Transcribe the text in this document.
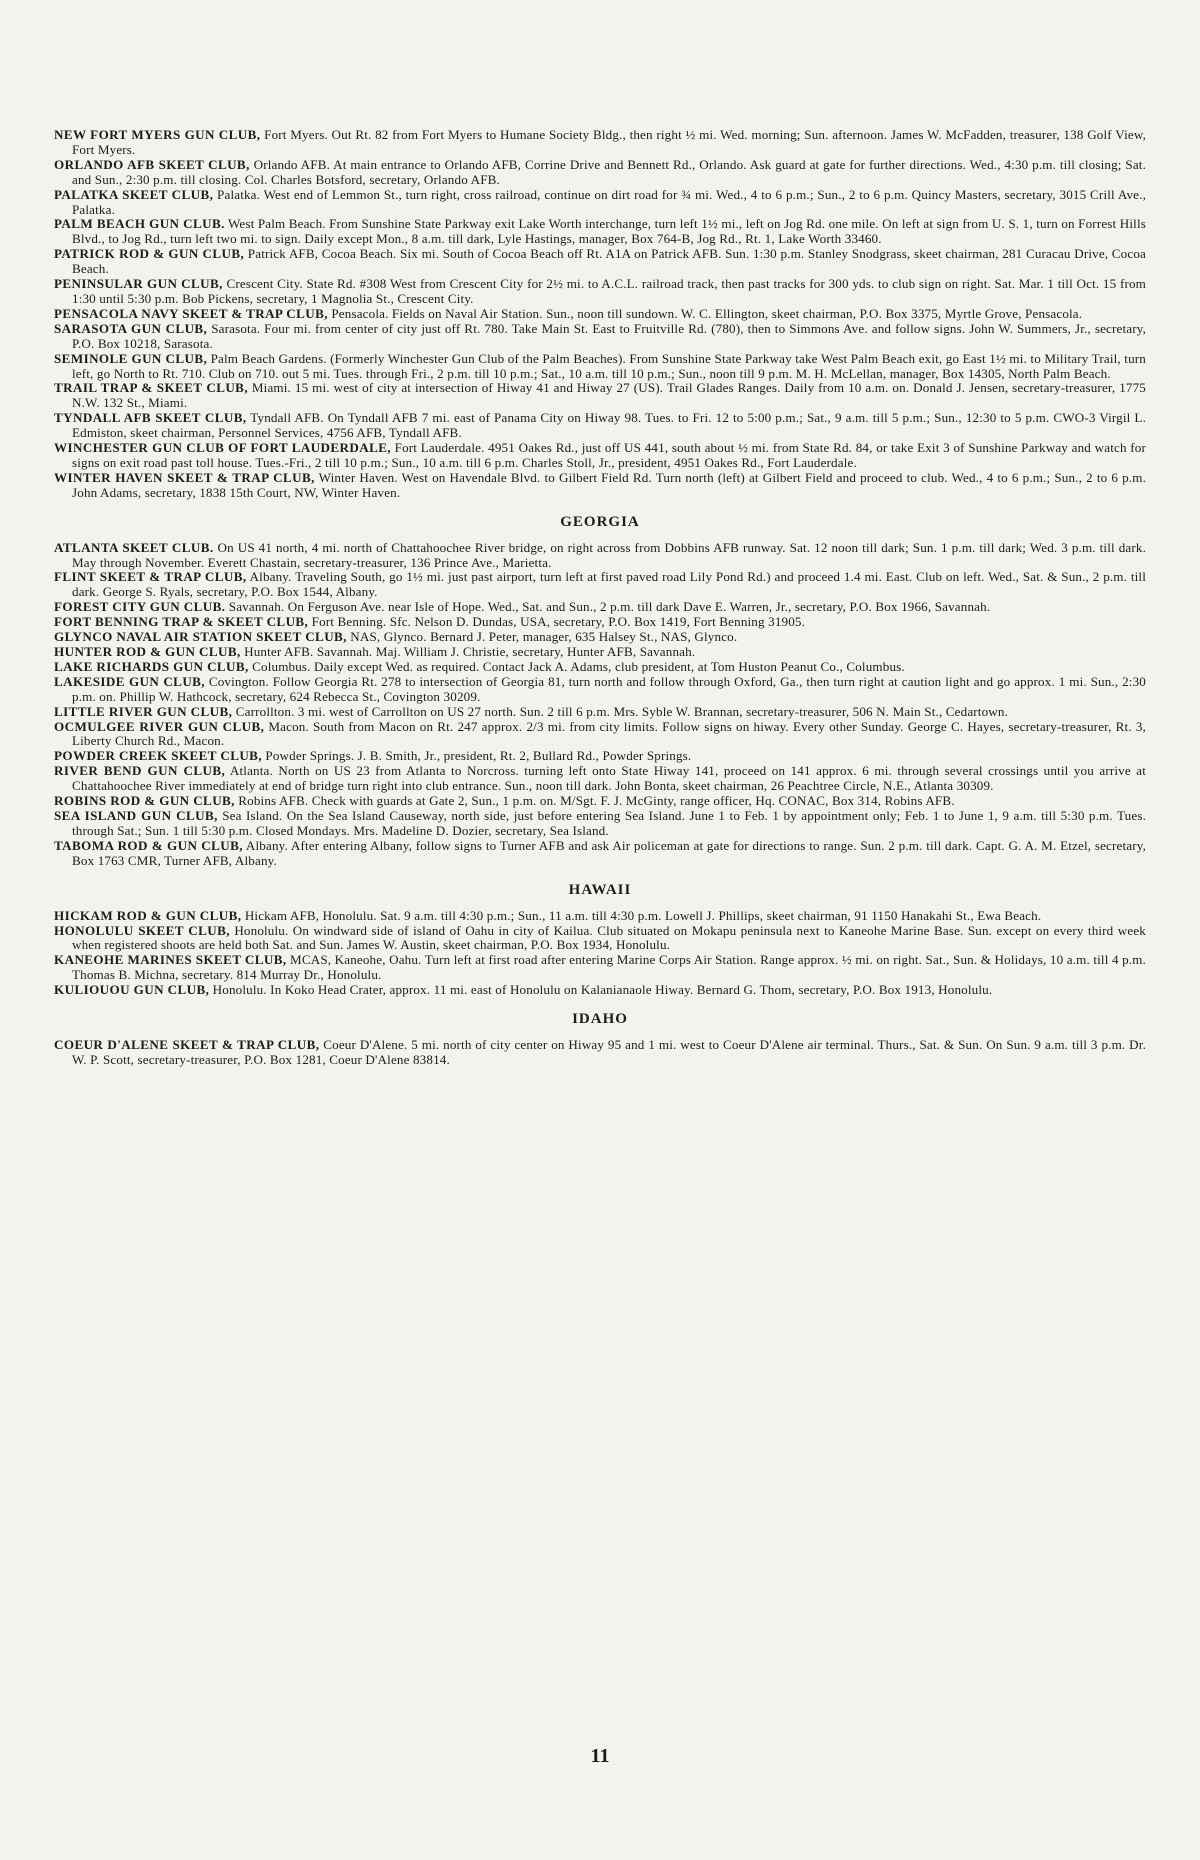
NEW FORT MYERS GUN CLUB, Fort Myers. Out Rt. 82 from Fort Myers to Humane Society Bldg., then right ½ mi. Wed. morning; Sun. afternoon. James W. McFadden, treasurer, 138 Golf View, Fort Myers.

ORLANDO AFB SKEET CLUB, Orlando AFB. At main entrance to Orlando AFB, Corrine Drive and Bennett Rd., Orlando. Ask guard at gate for further directions. Wed., 4:30 p.m. till closing; Sat. and Sun., 2:30 p.m. till closing. Col. Charles Botsford, secretary, Orlando AFB.

PALATKA SKEET CLUB, Palatka. West end of Lemmon St., turn right, cross railroad, continue on dirt road for ¾ mi. Wed., 4 to 6 p.m.; Sun., 2 to 6 p.m. Quincy Masters, secretary, 3015 Crill Ave., Palatka.

PALM BEACH GUN CLUB. West Palm Beach. From Sunshine State Parkway exit Lake Worth interchange, turn left 1½ mi., left on Jog Rd. one mile. On left at sign from U. S. 1, turn on Forrest Hills Blvd., to Jog Rd., turn left two mi. to sign. Daily except Mon., 8 a.m. till dark, Lyle Hastings, manager, Box 764-B, Jog Rd., Rt. 1, Lake Worth 33460.

PATRICK ROD & GUN CLUB, Patrick AFB, Cocoa Beach. Six mi. South of Cocoa Beach off Rt. A1A on Patrick AFB. Sun. 1:30 p.m. Stanley Snodgrass, skeet chairman, 281 Curacau Drive, Cocoa Beach.

PENINSULAR GUN CLUB, Crescent City. State Rd. #308 West from Crescent City for 2½ mi. to A.C.L. railroad track, then past tracks for 300 yds. to club sign on right. Sat. Mar. 1 till Oct. 15 from 1:30 until 5:30 p.m. Bob Pickens, secretary, 1 Magnolia St., Crescent City.

PENSACOLA NAVY SKEET & TRAP CLUB, Pensacola. Fields on Naval Air Station. Sun., noon till sundown. W. C. Ellington, skeet chairman, P.O. Box 3375, Myrtle Grove, Pensacola.

SARASOTA GUN CLUB, Sarasota. Four mi. from center of city just off Rt. 780. Take Main St. East to Fruitville Rd. (780), then to Simmons Ave. and follow signs. John W. Summers, Jr., secretary, P.O. Box 10218, Sarasota.

SEMINOLE GUN CLUB, Palm Beach Gardens. (Formerly Winchester Gun Club of the Palm Beaches). From Sunshine State Parkway take West Palm Beach exit, go East 1½ mi. to Military Trail, turn left, go North to Rt. 710. Club on 710. out 5 mi. Tues. through Fri., 2 p.m. till 10 p.m.; Sat., 10 a.m. till 10 p.m.; Sun., noon till 9 p.m. M. H. McLellan, manager, Box 14305, North Palm Beach.

TRAIL TRAP & SKEET CLUB, Miami. 15 mi. west of city at intersection of Hiway 41 and Hiway 27 (US). Trail Glades Ranges. Daily from 10 a.m. on. Donald J. Jensen, secretary-treasurer, 1775 N.W. 132 St., Miami.

TYNDALL AFB SKEET CLUB, Tyndall AFB. On Tyndall AFB 7 mi. east of Panama City on Hiway 98. Tues. to Fri. 12 to 5:00 p.m.; Sat., 9 a.m. till 5 p.m.; Sun., 12:30 to 5 p.m. CWO-3 Virgil L. Edmiston, skeet chairman, Personnel Services, 4756 AFB, Tyndall AFB.

WINCHESTER GUN CLUB OF FORT LAUDERDALE, Fort Lauderdale. 4951 Oakes Rd., just off US 441, south about ½ mi. from State Rd. 84, or take Exit 3 of Sunshine Parkway and watch for signs on exit road past toll house. Tues.-Fri., 2 till 10 p.m.; Sun., 10 a.m. till 6 p.m. Charles Stoll, Jr., president, 4951 Oakes Rd., Fort Lauderdale.

WINTER HAVEN SKEET & TRAP CLUB, Winter Haven. West on Havendale Blvd. to Gilbert Field Rd. Turn north (left) at Gilbert Field and proceed to club. Wed., 4 to 6 p.m.; Sun., 2 to 6 p.m. John Adams, secretary, 1838 15th Court, NW, Winter Haven.

GEORGIA

ATLANTA SKEET CLUB. On US 41 north, 4 mi. north of Chattahoochee River bridge, on right across from Dobbins AFB runway. Sat. 12 noon till dark; Sun. 1 p.m. till dark; Wed. 3 p.m. till dark. May through November. Everett Chastain, secretary-treasurer, 136 Prince Ave., Marietta.

FLINT SKEET & TRAP CLUB, Albany. Traveling South, go 1½ mi. just past airport, turn left at first paved road Lily Pond Rd.) and proceed 1.4 mi. East. Club on left. Wed., Sat. & Sun., 2 p.m. till dark. George S. Ryals, secretary, P.O. Box 1544, Albany.

FOREST CITY GUN CLUB. Savannah. On Ferguson Ave. near Isle of Hope. Wed., Sat. and Sun., 2 p.m. till dark Dave E. Warren, Jr., secretary, P.O. Box 1966, Savannah.

FORT BENNING TRAP & SKEET CLUB, Fort Benning. Sfc. Nelson D. Dundas, USA, secretary, P.O. Box 1419, Fort Benning 31905.

GLYNCO NAVAL AIR STATION SKEET CLUB, NAS, Glynco. Bernard J. Peter, manager, 635 Halsey St., NAS, Glynco.

HUNTER ROD & GUN CLUB, Hunter AFB. Savannah. Maj. William J. Christie, secretary, Hunter AFB, Savannah.

LAKE RICHARDS GUN CLUB, Columbus. Daily except Wed. as required. Contact Jack A. Adams, club president, at Tom Huston Peanut Co., Columbus.

LAKESIDE GUN CLUB, Covington. Follow Georgia Rt. 278 to intersection of Georgia 81, turn north and follow through Oxford, Ga., then turn right at caution light and go approx. 1 mi. Sun., 2:30 p.m. on. Phillip W. Hathcock, secretary, 624 Rebecca St., Covington 30209.

LITTLE RIVER GUN CLUB, Carrollton. 3 mi. west of Carrollton on US 27 north. Sun. 2 till 6 p.m. Mrs. Syble W. Brannan, secretary-treasurer, 506 N. Main St., Cedartown.

OCMULGEE RIVER GUN CLUB, Macon. South from Macon on Rt. 247 approx. 2/3 mi. from city limits. Follow signs on hiway. Every other Sunday. George C. Hayes, secretary-treasurer, Rt. 3, Liberty Church Rd., Macon.

POWDER CREEK SKEET CLUB, Powder Springs. J. B. Smith, Jr., president, Rt. 2, Bullard Rd., Powder Springs.

RIVER BEND GUN CLUB, Atlanta. North on US 23 from Atlanta to Norcross. turning left onto State Hiway 141, proceed on 141 approx. 6 mi. through several crossings until you arrive at Chattahoochee River immediately at end of bridge turn right into club entrance. Sun., noon till dark. John Bonta, skeet chairman, 26 Peachtree Circle, N.E., Atlanta 30309.

ROBINS ROD & GUN CLUB, Robins AFB. Check with guards at Gate 2, Sun., 1 p.m. on. M/Sgt. F. J. McGinty, range officer, Hq. CONAC, Box 314, Robins AFB.

SEA ISLAND GUN CLUB, Sea Island. On the Sea Island Causeway, north side, just before entering Sea Island. June 1 to Feb. 1 by appointment only; Feb. 1 to June 1, 9 a.m. till 5:30 p.m. Tues. through Sat.; Sun. 1 till 5:30 p.m. Closed Mondays. Mrs. Madeline D. Dozier, secretary, Sea Island.

TABOMA ROD & GUN CLUB, Albany. After entering Albany, follow signs to Turner AFB and ask Air policeman at gate for directions to range. Sun. 2 p.m. till dark. Capt. G. A. M. Etzel, secretary, Box 1763 CMR, Turner AFB, Albany.

HAWAII

HICKAM ROD & GUN CLUB, Hickam AFB, Honolulu. Sat. 9 a.m. till 4:30 p.m.; Sun., 11 a.m. till 4:30 p.m. Lowell J. Phillips, skeet chairman, 91 1150 Hanakahi St., Ewa Beach.

HONOLULU SKEET CLUB, Honolulu. On windward side of island of Oahu in city of Kailua. Club situated on Mokapu peninsula next to Kaneohe Marine Base. Sun. except on every third week when registered shoots are held both Sat. and Sun. James W. Austin, skeet chairman, P.O. Box 1934, Honolulu.

KANEOHE MARINES SKEET CLUB, MCAS, Kaneohe, Oahu. Turn left at first road after entering Marine Corps Air Station. Range approx. ½ mi. on right. Sat., Sun. & Holidays, 10 a.m. till 4 p.m. Thomas B. Michna, secretary. 814 Murray Dr., Honolulu.

KULIOUOU GUN CLUB, Honolulu. In Koko Head Crater, approx. 11 mi. east of Honolulu on Kalanianaole Hiway. Bernard G. Thom, secretary, P.O. Box 1913, Honolulu.

IDAHO

COEUR D'ALENE SKEET & TRAP CLUB, Coeur D'Alene. 5 mi. north of city center on Hiway 95 and 1 mi. west to Coeur D'Alene air terminal. Thurs., Sat. & Sun. On Sun. 9 a.m. till 3 p.m. Dr. W. P. Scott, secretary-treasurer, P.O. Box 1281, Coeur D'Alene 83814.

11
